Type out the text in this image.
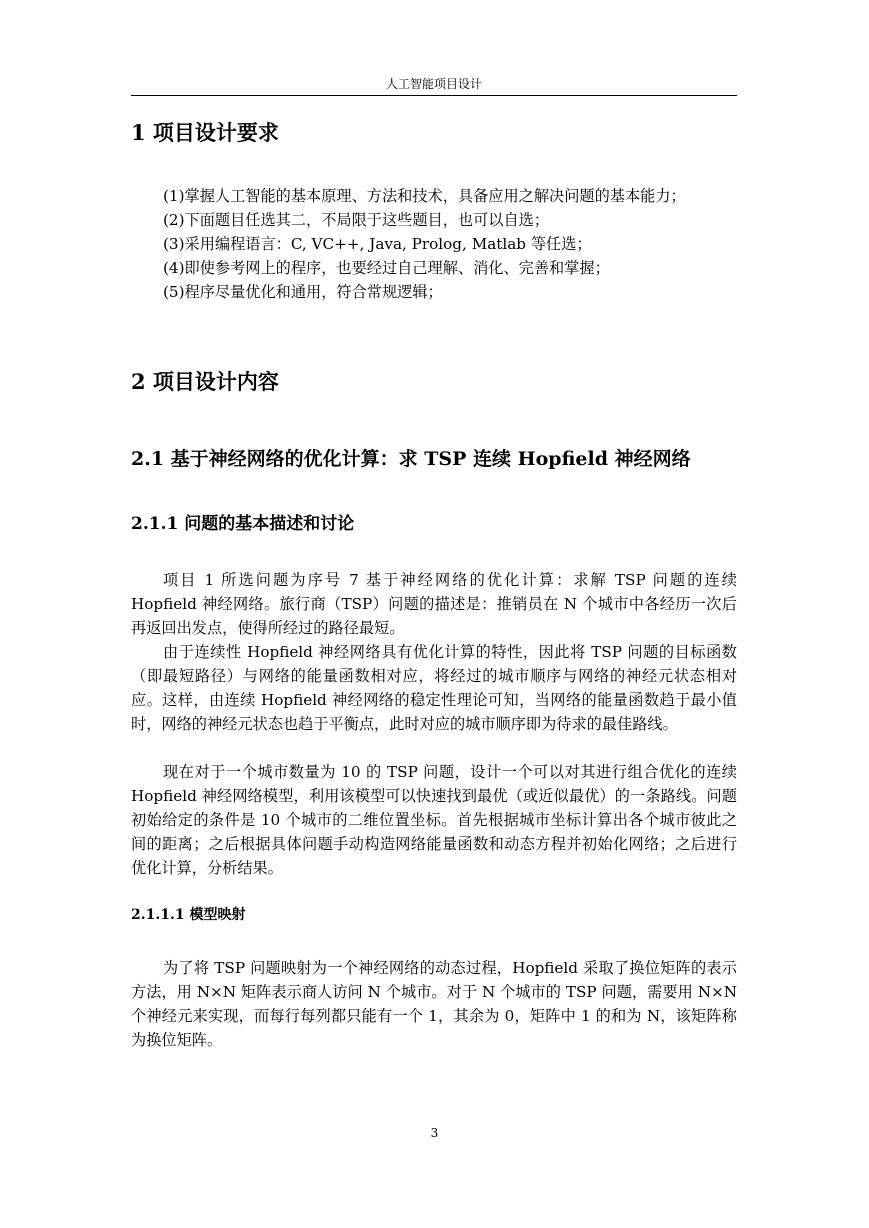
人工智能项目设计
1 项目设计要求

(1)掌握人工智能的基本原理、方法和技术，具备应用之解决问题的基本能力；

(2)下面题目任选其二，不局限于这些题目，也可以自选；

(3)采用编程语言：C, VC++, Java, Prolog, Matlab 等任选；

(4)即使参考网上的程序，也要经过自己理解、消化、完善和掌握；

(5)程序尽量优化和通用，符合常规逻辑；

2 项目设计内容
2.1 基于神经网络的优化计算：求 TSP 连续 Hopfield 神经网络
2.1.1 问题的基本描述和讨论
项目 1 所选问题为序号 7 基于神经网络的优化计算：求解 TSP 问题的连续 Hopfield 神经网络。旅行商（TSP）问题的描述是：推销员在 N 个城市中各经历一次后再返回出发点，使得所经过的路径最短。
由于连续性 Hopfield 神经网络具有优化计算的特性，因此将 TSP 问题的目标函数（即最短路径）与网络的能量函数相对应，将经过的城市顺序与网络的神经元状态相对应。这样，由连续 Hopfield 神经网络的稳定性理论可知，当网络的能量函数趋于最小值时，网络的神经元状态也趋于平衡点，此时对应的城市顺序即为待求的最佳路线。
现在对于一个城市数量为 10 的 TSP 问题，设计一个可以对其进行组合优化的连续 Hopfield 神经网络模型，利用该模型可以快速找到最优（或近似最优）的一条路线。问题初始给定的条件是 10 个城市的二维位置坐标。首先根据城市坐标计算出各个城市彼此之间的距离；之后根据具体问题手动构造网络能量函数和动态方程并初始化网络；之后进行优化计算，分析结果。
2.1.1.1 模型映射
为了将 TSP 问题映射为一个神经网络的动态过程，Hopfield 采取了换位矩阵的表示方法，用 N×N 矩阵表示商人访问 N 个城市。对于 N 个城市的 TSP 问题，需要用 N×N 个神经元来实现，而每行每列都只能有一个 1，其余为 0，矩阵中 1 的和为 N，该矩阵称为换位矩阵。
3
